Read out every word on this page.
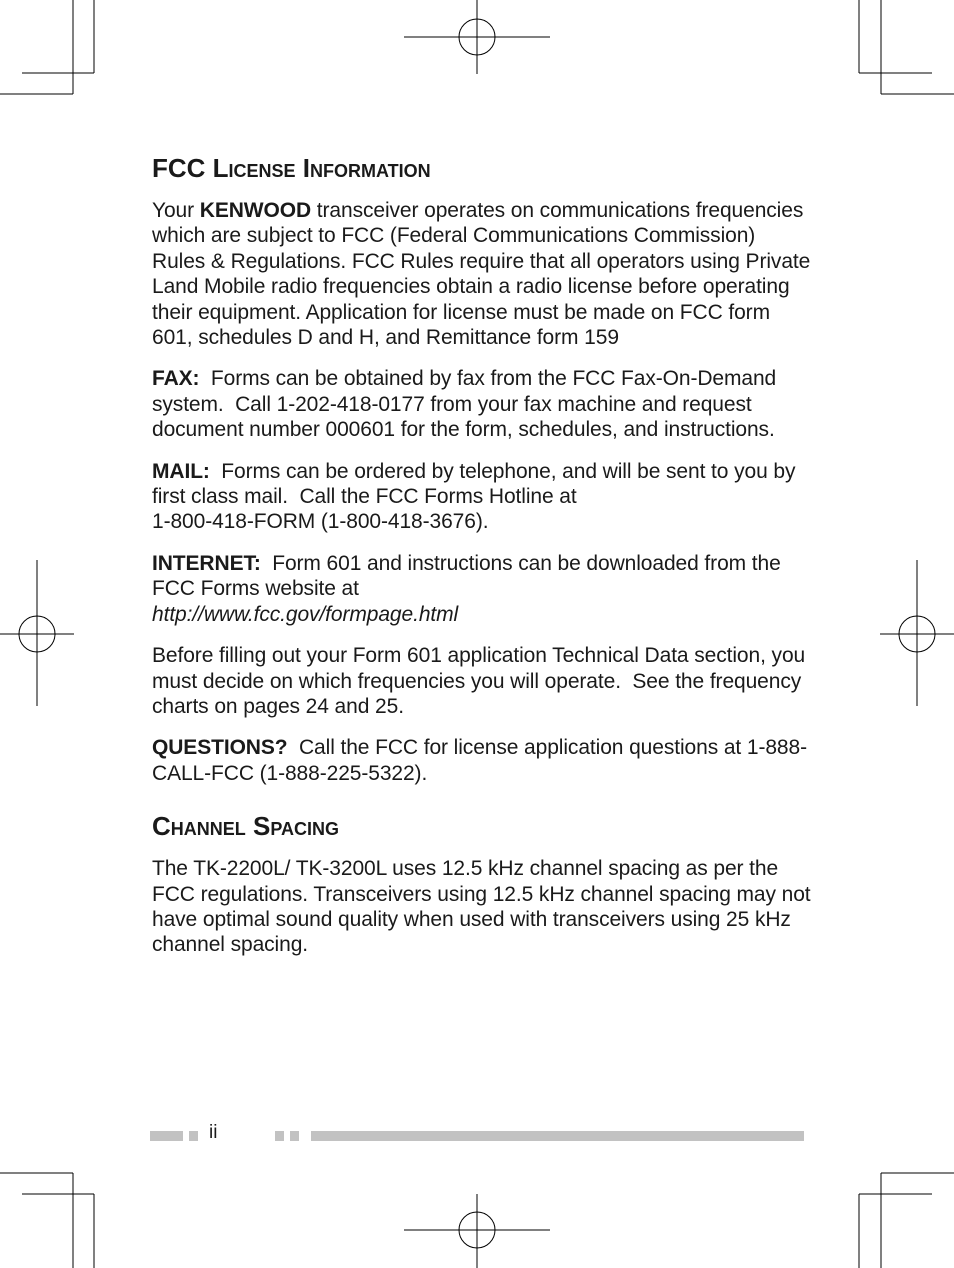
FCC License Information

Your KENWOOD transceiver operates on communications frequencies which are subject to FCC (Federal Communications Commission) Rules & Regulations. FCC Rules require that all operators using Private Land Mobile radio frequencies obtain a radio license before operating their equipment. Application for license must be made on FCC form 601, schedules D and H, and Remittance form 159

FAX:  Forms can be obtained by fax from the FCC Fax-On-Demand system.  Call 1-202-418-0177 from your fax machine and request document number 000601 for the form, schedules, and instructions.

MAIL:  Forms can be ordered by telephone, and will be sent to you by first class mail.  Call the FCC Forms Hotline at
1-800-418-FORM (1-800-418-3676).

INTERNET:  Form 601 and instructions can be downloaded from the FCC Forms website at
http://www.fcc.gov/formpage.html

Before filling out your Form 601 application Technical Data section, you must decide on which frequencies you will operate.  See the frequency charts on pages 24 and 25.

QUESTIONS?  Call the FCC for license application questions at 1-888-CALL-FCC (1-888-225-5322).

Channel Spacing

The TK-2200L/ TK-3200L uses 12.5 kHz channel spacing as per the FCC regulations. Transceivers using 12.5 kHz channel spacing may not have optimal sound quality when used with transceivers using 25 kHz channel spacing.

ii
